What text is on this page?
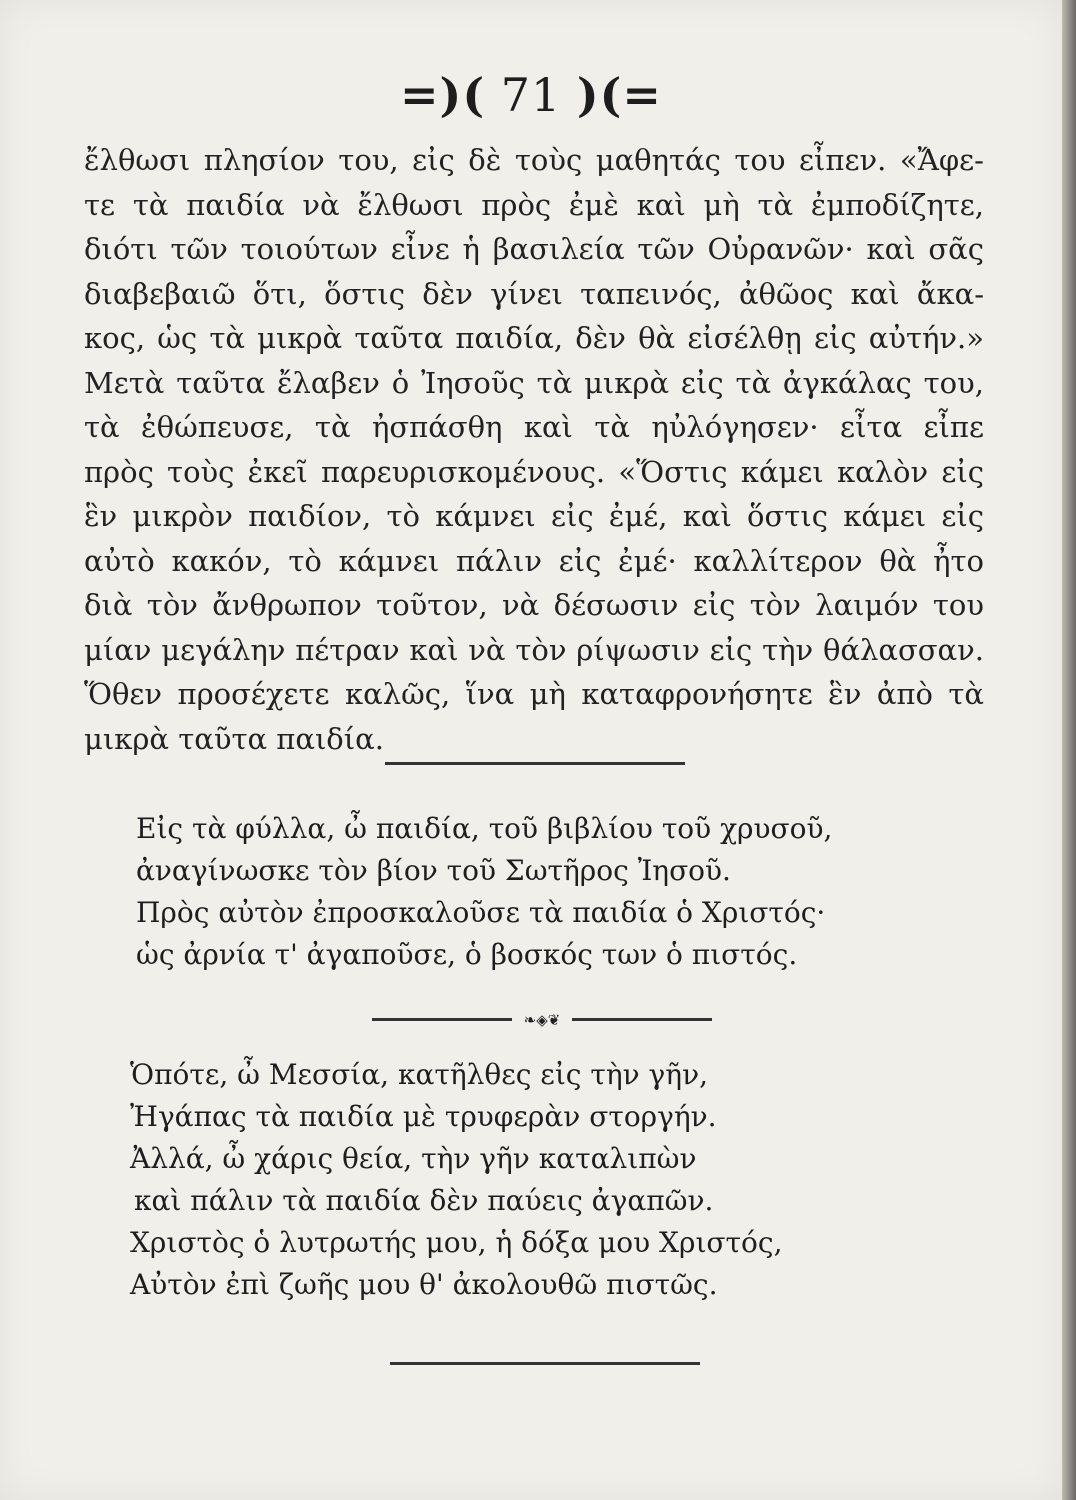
=)( 71 )(=
ἔλθωσι πλησίον του, εἰς δὲ τοὺς μαθητάς του εἶπεν. «Ἄφε-
τε τὰ παιδία νὰ ἔλθωσι πρὸς ἐμὲ καὶ μὴ τὰ ἐμποδίζητε,
διότι τῶν τοιούτων εἶνε ἡ βασιλεία τῶν Οὐρανῶν· καὶ σᾶς
διαβεβαιῶ ὅτι, ὅστις δὲν γίνει ταπεινός, ἀθῶος καὶ ἄκα-
κος, ὡς τὰ μικρὰ ταῦτα παιδία, δὲν θὰ εἰσέλθῃ εἰς αὐτήν.»
Μετὰ ταῦτα ἔλαβεν ὁ Ἰησοῦς τὰ μικρὰ εἰς τὰ ἀγκάλας του,
τὰ ἐθώπευσε, τὰ ἠσπάσθη καὶ τὰ ηὐλόγησεν· εἶτα εἶπε
πρὸς τοὺς ἐκεῖ παρευρισκομένους. «Ὅστις κάμει καλὸν εἰς
ἓν μικρὸν παιδίον, τὸ κάμνει εἰς ἐμέ, καὶ ὅστις κάμει εἰς
αὐτὸ κακόν, τὸ κάμνει πάλιν εἰς ἐμέ· καλλίτερον θὰ ἦτο
διὰ τὸν ἄνθρωπον τοῦτον, νὰ δέσωσιν εἰς τὸν λαιμόν του
μίαν μεγάλην πέτραν καὶ νὰ τὸν ρίψωσιν εἰς τὴν θάλασσαν.
Ὅθεν προσέχετε καλῶς, ἵνα μὴ καταφρονήσητε ἓν ἀπὸ τὰ
μικρὰ ταῦτα παιδία.
Εἰς τὰ φύλλα, ὦ παιδία, τοῦ βιβλίου τοῦ χρυσοῦ,
ἀναγίνωσκε τὸν βίον τοῦ Σωτῆρος Ἰησοῦ.
Πρὸς αὐτὸν ἐπροσκαλοῦσε τὰ παιδία ὁ Χριστός·
ὡς ἀρνία τ' ἀγαποῦσε, ὁ βοσκός των ὁ πιστός.
❧◈❦
Ὁπότε, ὦ Μεσσία, κατῆλθες εἰς τὴν γῆν,
Ἠγάπας τὰ παιδία μὲ τρυφερὰν στοργήν.
Ἀλλά, ὦ χάρις θεία, τὴν γῆν καταλιπὼν
καὶ πάλιν τὰ παιδία δὲν παύεις ἀγαπῶν.
Χριστὸς ὁ λυτρωτής μου, ἡ δόξα μου Χριστός,
Αὐτὸν ἐπὶ ζωῆς μου θ' ἀκολουθῶ πιστῶς.
